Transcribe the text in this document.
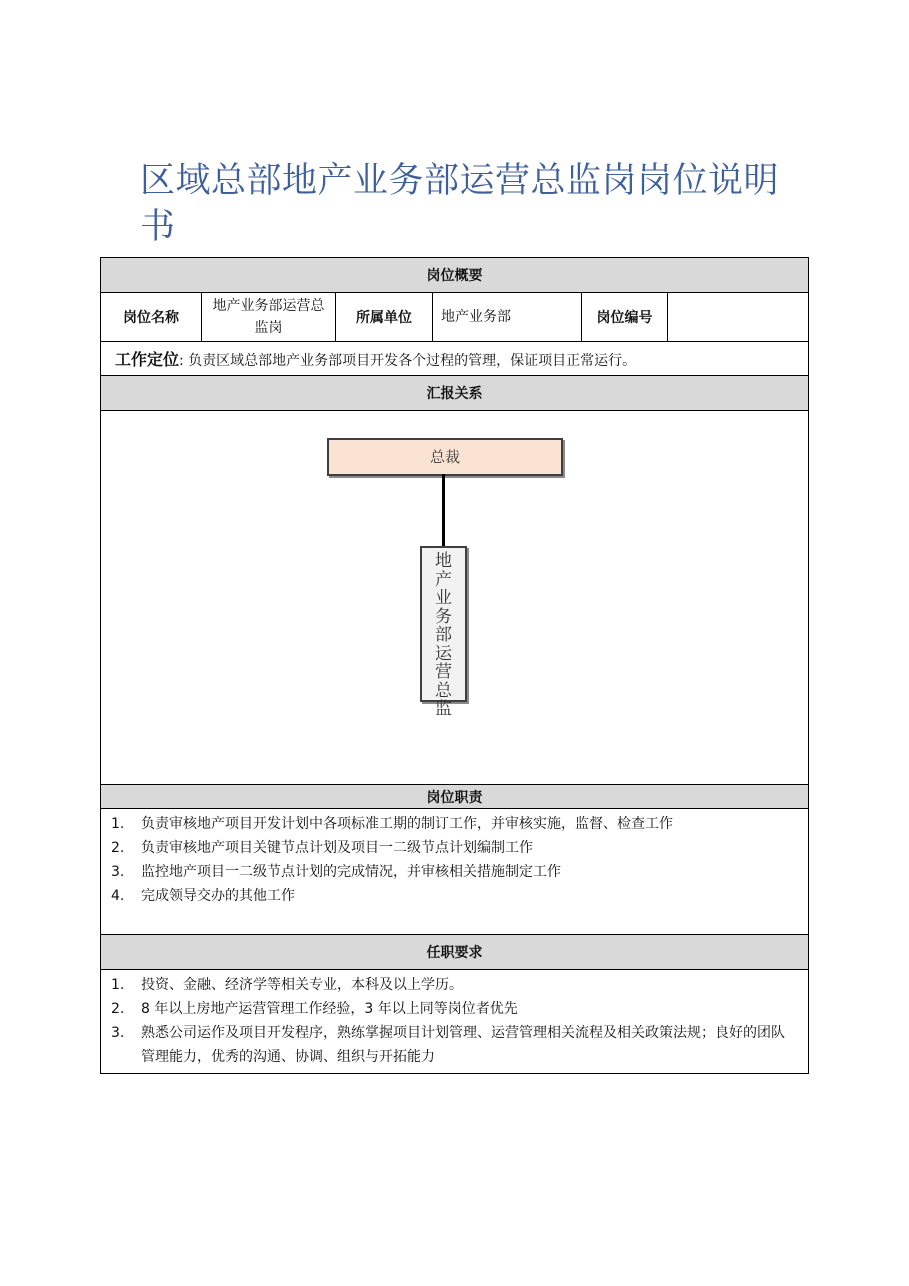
区域总部地产业务部运营总监岗岗位说明书
岗位概要
岗位名称	地产业务部运营总监岗	所属单位	地产业务部	岗位编号	
工作定位: 负责区域总部地产业务部项目开发各个过程的管理，保证项目正常运行。
汇报关系

总裁
地产业务部运营总监

岗位职责

1. 负责审核地产项目开发计划中各项标准工期的制订工作，并审核实施，监督、检查工作
2. 负责审核地产项目关键节点计划及项目一二级节点计划编制工作
3. 监控地产项目一二级节点计划的完成情况，并审核相关措施制定工作
4. 完成领导交办的其他工作

任职要求

1. 投资、金融、经济学等相关专业，本科及以上学历。
2. 8 年以上房地产运营管理工作经验，3 年以上同等岗位者优先
3. 熟悉公司运作及项目开发程序，熟练掌握项目计划管理、运营管理相关流程及相关政策法规；良好的团队管理能力，优秀的沟通、协调、组织与开拓能力
